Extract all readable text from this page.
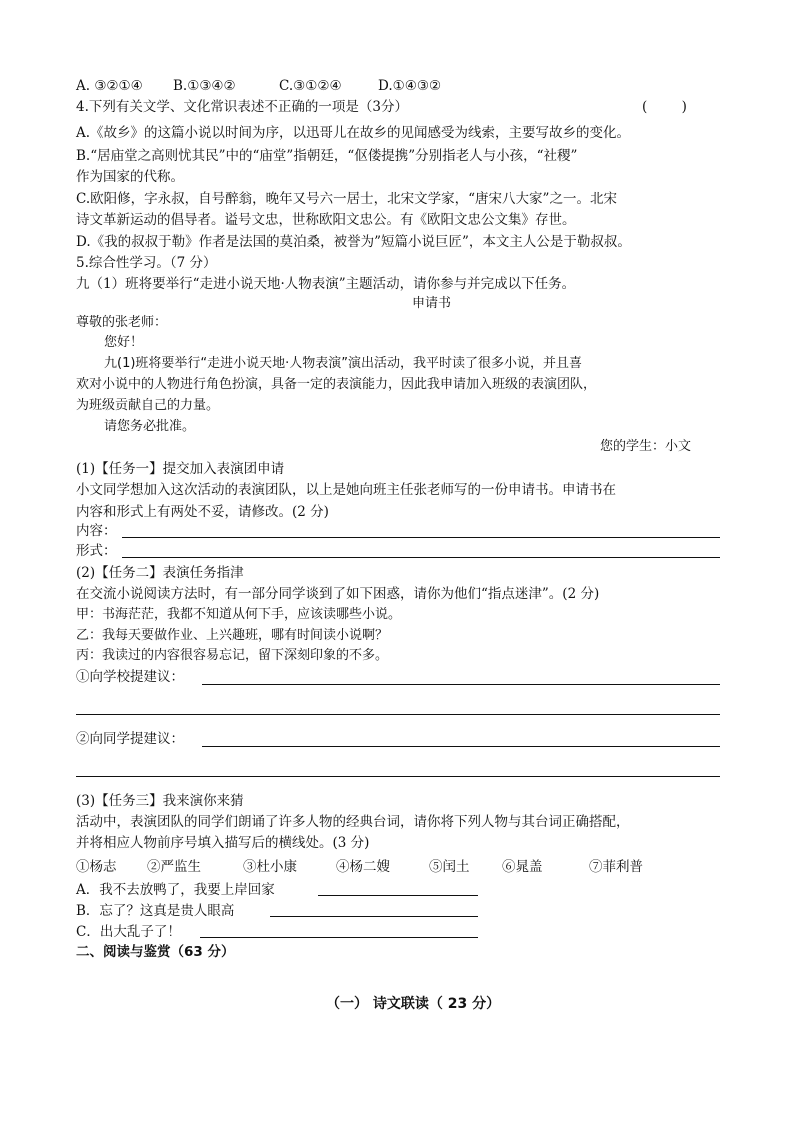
A. ③②①④ B.①③④②	C.③①②④	D.①④③②
4.下列有关文学、文化常识表述不正确的一项是（3分）	(        )
A.《故乡》的这篇小说以时间为序，以迅哥儿在故乡的见闻感受为线索，主要写故乡的变化。
B.“居庙堂之高则忧其民”中的“庙堂”指朝廷，“伛偻提携”分别指老人与小孩，“社稷”
作为国家的代称。
C.欧阳修，字永叔，自号醉翁，晚年又号六一居士，北宋文学家，“唐宋八大家”之一。北宋
诗文革新运动的倡导者。谥号文忠，世称欧阳文忠公。有《欧阳文忠公文集》存世。
D.《我的叔叔于勒》作者是法国的莫泊桑，被誉为”短篇小说巨匠”，本文主人公是于勒叔叔。
5.综合性学习。（7 分）
九（1）班将要举行“走进小说天地·人物表演”主题活动，请你参与并完成以下任务。
申请书
尊敬的张老师：
您好！
九(1)班将要举行“走进小说天地·人物表演”演出活动，我平时读了很多小说，并且喜
欢对小说中的人物进行角色扮演，具备一定的表演能力，因此我申请加入班级的表演团队，
为班级贡献自己的力量。
请您务必批准。
您的学生：小文
(1)【任务一】提交加入表演团申请
小文同学想加入这次活动的表演团队，以上是她向班主任张老师写的一份申请书。申请书在
内容和形式上有两处不妥，请修改。(2 分)
内容：
形式：
(2)【任务二】表演任务指津
在交流小说阅读方法时，有一部分同学谈到了如下困惑，请你为他们“指点迷津”。(2 分)
甲：书海茫茫，我都不知道从何下手，应该读哪些小说。
乙：我每天要做作业、上兴趣班，哪有时间读小说啊？
丙：我读过的内容很容易忘记，留下深刻印象的不多。
①向学校提建议：
②向同学提建议：
(3)【任务三】我来演你来猜
活动中，表演团队的同学们朗诵了许多人物的经典台词，请你将下列人物与其台词正确搭配，
并将相应人物前序号填入描写后的横线处。(3 分)
①杨志 ②严监生	③杜小康	④杨二嫂	⑤闰土 ⑥晁盖	⑦菲利普
A．我不去放鸭了，我要上岸回家
B．忘了？这真是贵人眼高
C．出大乱子了！
二、阅读与鉴赏（63 分）
（一） 诗文联读（ 23 分）
